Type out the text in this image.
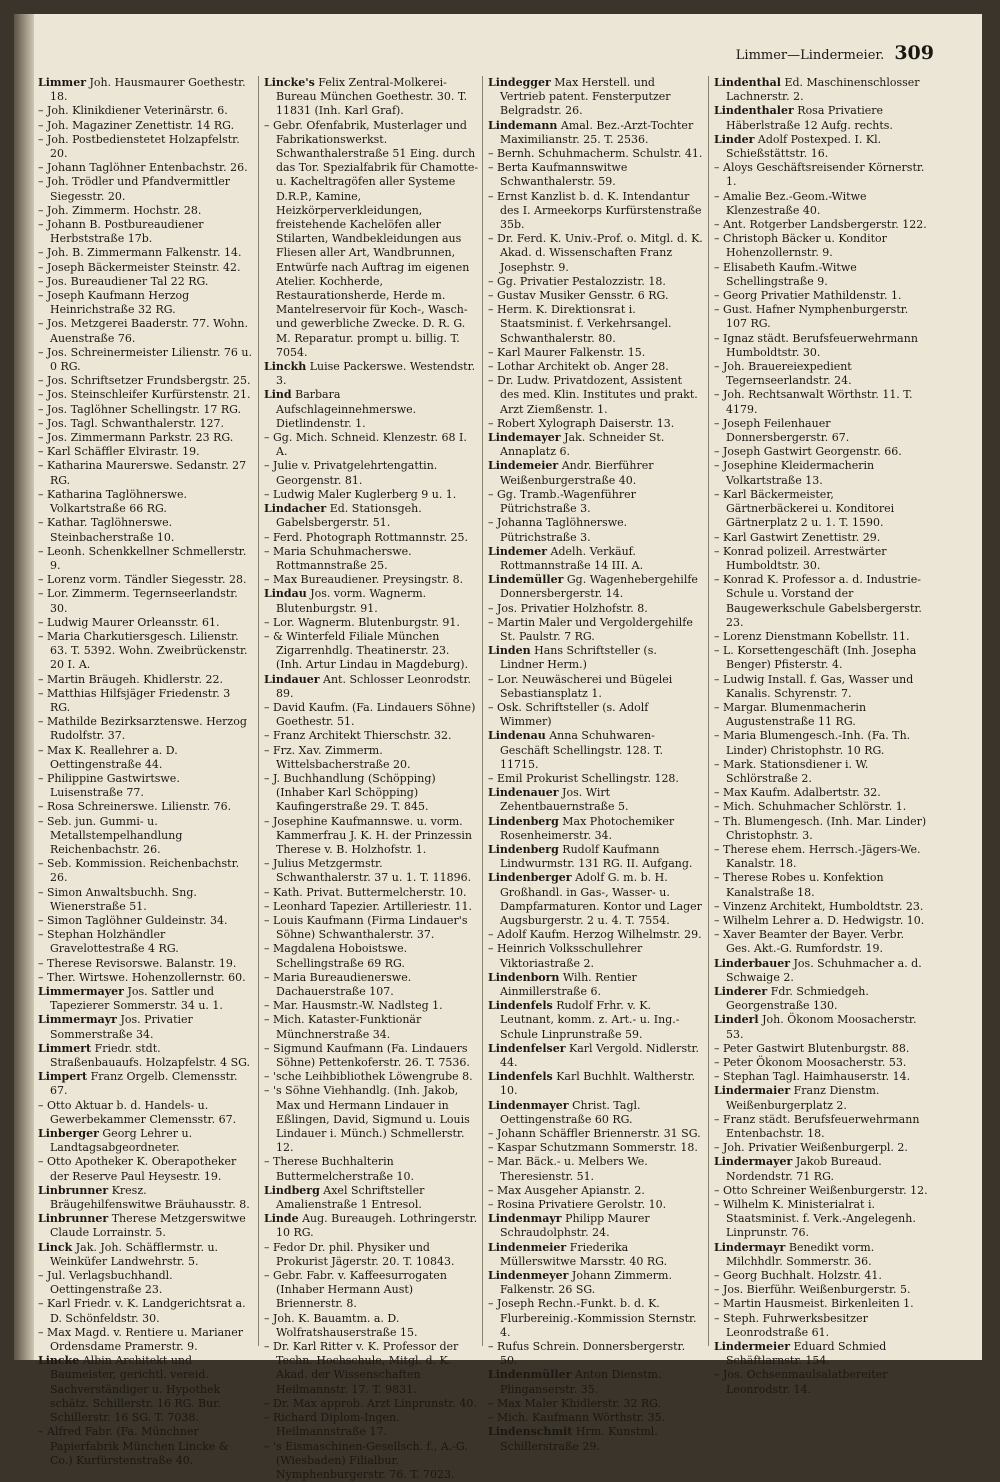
Limmer—Lindermeier. 309

Limmer Joh. Hausmaurer Goethestr. 18.

– Joh. Klinikdiener Veterinärstr. 6.

– Joh. Magaziner Zenettistr. 14 RG.

– Joh. Postbedienstetet Holzapfelstr. 20.

– Johann Taglöhner Entenbachstr. 26.

– Joh. Trödler und Pfandvermittler Siegesstr. 20.

– Joh. Zimmerm. Hochstr. 28.

– Johann B. Postbureaudiener Herbststraße 17b.

– Joh. B. Zimmermann Falkenstr. 14.

– Joseph Bäckermeister Steinstr. 42.

– Jos. Bureaudiener Tal 22 RG.

– Joseph Kaufmann Herzog Heinrichstraße 32 RG.

– Jos. Metzgerei Baaderstr. 77. Wohn. Auenstraße 76.

– Jos. Schreinermeister Lilienstr. 76 u. 0 RG.

– Jos. Schriftsetzer Frundsbergstr. 25.

– Jos. Steinschleifer Kurfürstenstr. 21.

– Jos. Taglöhner Schellingstr. 17 RG.

– Jos. Tagl. Schwanthalerstr. 127.

– Jos. Zimmermann Parkstr. 23 RG.

– Karl Schäffler Elvirastr. 19.

– Katharina Maurerswe. Sedanstr. 27 RG.

– Katharina Taglöhnerswe. Volkartstraße 66 RG.

– Kathar. Taglöhnerswe. Steinbacherstraße 10.

– Leonh. Schenkkellner Schmellerstr. 9.

– Lorenz vorm. Tändler Siegesstr. 28.

– Lor. Zimmerm. Tegernseerlandstr. 30.

– Ludwig Maurer Orleansstr. 61.

– Maria Charkutiersgesch. Lilienstr. 63. T. 5392. Wohn. Zweibrückenstr. 20 I. A.

– Martin Bräugeh. Khidlerstr. 22.

– Matthias Hilfsjäger Friedenstr. 3 RG.

– Mathilde Bezirksarztenswe. Herzog Rudolfstr. 37.

– Max K. Reallehrer a. D. Oettingenstraße 44.

– Philippine Gastwirtswe. Luisenstraße 77.

– Rosa Schreinerswe. Lilienstr. 76.

– Seb. jun. Gummi- u. Metallstempelhandlung Reichenbachstr. 26.

– Seb. Kommission. Reichenbachstr. 26.

– Simon Anwaltsbuchh. Sng. Wienerstraße 51.

– Simon Taglöhner Guldeinstr. 34.

– Stephan Holzhändler Gravelottestraße 4 RG.

– Therese Revisorswe. Balanstr. 19.

– Ther. Wirtswe. Hohenzollernstr. 60.

Limmermayer Jos. Sattler und Tapezierer Sommerstr. 34 u. 1.

Limmermayr Jos. Privatier Sommerstraße 34.

Limmert Friedr. stdt. Straßenbauaufs. Holzapfelstr. 4 SG.

Limpert Franz Orgelb. Clemensstr. 67.

– Otto Aktuar b. d. Handels- u. Gewerbekammer Clemensstr. 67.

Linberger Georg Lehrer u. Landtagsabgeordneter.

– Otto Apotheker K. Oberapotheker der Reserve Paul Heysestr. 19.

Linbrunner Kresz. Bräugehilfenswitwe Bräuhausstr. 8.

Linbrunner Therese Metzgerswitwe Claude Lorrainstr. 5.

Linck Jak. Joh. Schäfflermstr. u. Weinküfer Landwehrstr. 5.

– Jul. Verlagsbuchhandl. Oettingenstraße 23.

– Karl Friedr. v. K. Landgerichtsrat a. D. Schönfeldstr. 30.

– Max Magd. v. Rentiere u. Marianer Ordensdame Pramerstr. 9.

Lincke Albin Architekt und Baumeister, gerichtl. vereid. Sachverständiger u. Hypothek schätz. Schillerstr. 16 RG. Bur. Schillerstr. 16 SG. T. 7038.

– Alfred Fabr. (Fa. Münchner Papierfabrik München Lincke & Co.) Kurfürstenstraße 40.

Lincke's Felix Zentral-Molkerei-Bureau München Goethestr. 30. T. 11831 (Inh. Karl Graf).

– Gebr. Ofenfabrik, Musterlager und Fabrikationswerkst. Schwanthalerstraße 51 Eing. durch das Tor. Spezialfabrik für Chamotte- u. Kacheltragöfen aller Systeme D.R.P., Kamine, Heizkörperverkleidungen, freistehende Kachelöfen aller Stilarten, Wandbekleidungen aus Fliesen aller Art, Wandbrunnen, Entwürfe nach Auftrag im eigenen Atelier. Kochherde, Restaurationsherde, Herde m. Mantelreservoir für Koch-, Wasch- und gewerbliche Zwecke. D. R. G. M. Reparatur. prompt u. billig. T. 7054.

Linckh Luise Packerswe. Westendstr. 3.

Lind Barbara Aufschlageinnehmerswe. Dietlindenstr. 1.

– Gg. Mich. Schneid. Klenzestr. 68 I. A.

– Julie v. Privatgelehrtengattin. Georgenstr. 81.

– Ludwig Maler Kuglerberg 9 u. 1.

Lindacher Ed. Stationsgeh. Gabelsbergerstr. 51.

– Ferd. Photograph Rottmannstr. 25.

– Maria Schuhmacherswe. Rottmannstraße 25.

– Max Bureaudiener. Preysingstr. 8.

Lindau Jos. vorm. Wagnerm. Blutenburgstr. 91.

– Lor. Wagnerm. Blutenburgstr. 91.

– & Winterfeld Filiale München Zigarrenhdlg. Theatinerstr. 23. (Inh. Artur Lindau in Magdeburg).

Lindauer Ant. Schlosser Leonrodstr. 89.

– David Kaufm. (Fa. Lindauers Söhne) Goethestr. 51.

– Franz Architekt Thierschstr. 32.

– Frz. Xav. Zimmerm. Wittelsbacherstraße 20.

– J. Buchhandlung (Schöpping) (Inhaber Karl Schöpping) Kaufingerstraße 29. T. 845.

– Josephine Kaufmannswe. u. vorm. Kammerfrau J. K. H. der Prinzessin Therese v. B. Holzhofstr. 1.

– Julius Metzgermstr. Schwanthalerstr. 37 u. 1. T. 11896.

– Kath. Privat. Buttermelcherstr. 10.

– Leonhard Tapezier. Artilleriestr. 11.

– Louis Kaufmann (Firma Lindauer's Söhne) Schwanthalerstr. 37.

– Magdalena Hoboistswe. Schellingstraße 69 RG.

– Maria Bureaudienerswe. Dachauerstraße 107.

– Mar. Hausmstr.-W. Nadlsteg 1.

– Mich. Kataster-Funktionär Münchnerstraße 34.

– Sigmund Kaufmann (Fa. Lindauers Söhne) Pettenkoferstr. 26. T. 7536.

– 'sche Leihbibliothek Löwengrube 8.

– 's Söhne Viehhandlg. (Inh. Jakob, Max und Hermann Lindauer in Eßlingen, David, Sigmund u. Louis Lindauer i. Münch.) Schmellerstr. 12.

– Therese Buchhalterin Buttermelcherstraße 10.

Lindberg Axel Schriftsteller Amalienstraße 1 Entresol.

Linde Aug. Bureaugeh. Lothringerstr. 10 RG.

– Fedor Dr. phil. Physiker und Prokurist Jägerstr. 20. T. 10843.

– Gebr. Fabr. v. Kaffeesurrogaten (Inhaber Hermann Aust) Briennerstr. 8.

– Joh. K. Bauamtm. a. D. Wolfratshauserstraße 15.

– Dr. Karl Ritter v. K. Professor der Techn. Hochschule, Mitgl. d. K. Akad. der Wissenschaften Heilmannstr. 17. T. 9831.

– Dr. Max approb. Arzt Linprunstr. 40.

– Richard Diplom-Ingen. Heilmannstraße 17.

– 's Eismaschinen-Gesellsch. f., A.-G. (Wiesbaden) Filialbur. Nymphenburgerstr. 76. T. 7023.

Lindegger Max Herstell. und Vertrieb patent. Fensterputzer Belgradstr. 26.

Lindemann Amal. Bez.-Arzt-Tochter Maximilianstr. 25. T. 2536.

– Bernh. Schuhmacherm. Schulstr. 41.

– Berta Kaufmannswitwe Schwanthalerstr. 59.

– Ernst Kanzlist b. d. K. Intendantur des I. Armeekorps Kurfürstenstraße 35b.

– Dr. Ferd. K. Univ.-Prof. o. Mitgl. d. K. Akad. d. Wissenschaften Franz Josephstr. 9.

– Gg. Privatier Pestalozzistr. 18.

– Gustav Musiker Gensstr. 6 RG.

– Herm. K. Direktionsrat i. Staatsminist. f. Verkehrsangel. Schwanthalerstr. 80.

– Karl Maurer Falkenstr. 15.

– Lothar Architekt ob. Anger 28.

– Dr. Ludw. Privatdozent, Assistent des med. Klin. Institutes und prakt. Arzt Ziemßenstr. 1.

– Robert Xylograph Daiserstr. 13.

Lindemayer Jak. Schneider St. Annaplatz 6.

Lindemeier Andr. Bierführer Weißenburgerstraße 40.

– Gg. Tramb.-Wagenführer Pütrichstraße 3.

– Johanna Taglöhnerswe. Pütrichstraße 3.

Lindemer Adelh. Verkäuf. Rottmannstraße 14 III. A.

Lindemüller Gg. Wagenhebergehilfe Donnersbergerstr. 14.

– Jos. Privatier Holzhofstr. 8.

– Martin Maler und Vergoldergehilfe St. Paulstr. 7 RG.

Linden Hans Schriftsteller (s. Lindner Herm.)

– Lor. Neuwäscherei und Bügelei Sebastiansplatz 1.

– Osk. Schriftsteller (s. Adolf Wimmer)

Lindenau Anna Schuhwaren-Geschäft Schellingstr. 128. T. 11715.

– Emil Prokurist Schellingstr. 128.

Lindenauer Jos. Wirt Zehentbauernstraße 5.

Lindenberg Max Photochemiker Rosenheimerstr. 34.

Lindenberg Rudolf Kaufmann Lindwurmstr. 131 RG. II. Aufgang.

Lindenberger Adolf G. m. b. H. Großhandl. in Gas-, Wasser- u. Dampfarmaturen. Kontor und Lager Augsburgerstr. 2 u. 4. T. 7554.

– Adolf Kaufm. Herzog Wilhelmstr. 29.

– Heinrich Volksschullehrer Viktoriastraße 2.

Lindenborn Wilh. Rentier Ainmillerstraße 6.

Lindenfels Rudolf Frhr. v. K. Leutnant, komm. z. Art.- u. Ing.-Schule Linprunstraße 59.

Lindenfelser Karl Vergold. Nidlerstr. 44.

Lindenfels Karl Buchhlt. Waltherstr. 10.

Lindenmayer Christ. Tagl. Oettingenstraße 60 RG.

– Johann Schäffler Briennerstr. 31 SG.

– Kaspar Schutzmann Sommerstr. 18.

– Mar. Bäck.- u. Melbers We. Theresienstr. 51.

– Max Ausgeher Apianstr. 2.

– Rosina Privatiere Gerolstr. 10.

Lindenmayr Philipp Maurer Schraudolphstr. 24.

Lindenmeier Friederika Müllerswitwe Marsstr. 40 RG.

Lindenmeyer Johann Zimmerm. Falkenstr. 26 SG.

– Joseph Rechn.-Funkt. b. d. K. Flurbereinig.-Kommission Sternstr. 4.

– Rufus Schrein. Donnersbergerstr. 50.

Lindenmüller Anton Dienstm. Plinganserstr. 35.

– Max Maler Khidlerstr. 32 RG.

– Mich. Kaufmann Wörthstr. 35.

Lindenschmit Hrm. Kunstml. Schillerstraße 29.

Lindenthal Ed. Maschinenschlosser Lachnerstr. 2.

Lindenthaler Rosa Privatiere Häberlstraße 12 Aufg. rechts.

Linder Adolf Postexped. I. Kl. Schießstättstr. 16.

– Aloys Geschäftsreisender Körnerstr. 1.

– Amalie Bez.-Geom.-Witwe Klenzestraße 40.

– Ant. Rotgerber Landsbergerstr. 122.

– Christoph Bäcker u. Konditor Hohenzollernstr. 9.

– Elisabeth Kaufm.-Witwe Schellingstraße 9.

– Georg Privatier Mathildenstr. 1.

– Gust. Hafner Nymphenburgerstr. 107 RG.

– Ignaz städt. Berufsfeuerwehrmann Humboldtstr. 30.

– Joh. Brauereiexpedient Tegernseerlandstr. 24.

– Joh. Rechtsanwalt Wörthstr. 11. T. 4179.

– Joseph Feilenhauer Donnersbergerstr. 67.

– Joseph Gastwirt Georgenstr. 66.

– Josephine Kleidermacherin Volkartstraße 13.

– Karl Bäckermeister, Gärtnerbäckerei u. Konditorei Gärtnerplatz 2 u. 1. T. 1590.

– Karl Gastwirt Zenettistr. 29.

– Konrad polizeil. Arrestwärter Humboldtstr. 30.

– Konrad K. Professor a. d. Industrie-Schule u. Vorstand der Baugewerkschule Gabelsbergerstr. 23.

– Lorenz Dienstmann Kobellstr. 11.

– L. Korsettengeschäft (Inh. Josepha Benger) Pfisterstr. 4.

– Ludwig Install. f. Gas, Wasser und Kanalis. Schyrenstr. 7.

– Margar. Blumenmacherin Augustenstraße 11 RG.

– Maria Blumengesch.-Inh. (Fa. Th. Linder) Christophstr. 10 RG.

– Mark. Stationsdiener i. W. Schlörstraße 2.

– Max Kaufm. Adalbertstr. 32.

– Mich. Schuhmacher Schlörstr. 1.

– Th. Blumengesch. (Inh. Mar. Linder) Christophstr. 3.

– Therese ehem. Herrsch.-Jägers-We. Kanalstr. 18.

– Therese Robes u. Konfektion Kanalstraße 18.

– Vinzenz Architekt, Humboldtstr. 23.

– Wilhelm Lehrer a. D. Hedwigstr. 10.

– Xaver Beamter der Bayer. Verbr. Ges. Akt.-G. Rumfordstr. 19.

Linderbauer Jos. Schuhmacher a. d. Schwaige 2.

Linderer Fdr. Schmiedgeh. Georgenstraße 130.

Linderl Joh. Ökonom Moosacherstr. 53.

– Peter Gastwirt Blutenburgstr. 88.

– Peter Ökonom Moosacherstr. 53.

– Stephan Tagl. Haimhauserstr. 14.

Lindermaier Franz Dienstm. Weißenburgerplatz 2.

– Franz städt. Berufsfeuerwehrmann Entenbachstr. 18.

– Joh. Privatier Weißenburgerpl. 2.

Lindermayer Jakob Bureaud. Nordendstr. 71 RG.

– Otto Schreiner Weißenburgerstr. 12.

– Wilhelm K. Ministerialrat i. Staatsminist. f. Verk.-Angelegenh. Linprunstr. 76.

Lindermayr Benedikt vorm. Milchhdlr. Sommerstr. 36.

– Georg Buchhalt. Holzstr. 41.

– Jos. Bierführ. Weißenburgerstr. 5.

– Martin Hausmeist. Birkenleiten 1.

– Steph. Fuhrwerksbesitzer Leonrodstraße 61.

Lindermeier Eduard Schmied Schäftlarnstr. 154.

– Jos. Ochsenmaulsalatbereiter Leonrodstr. 14.
